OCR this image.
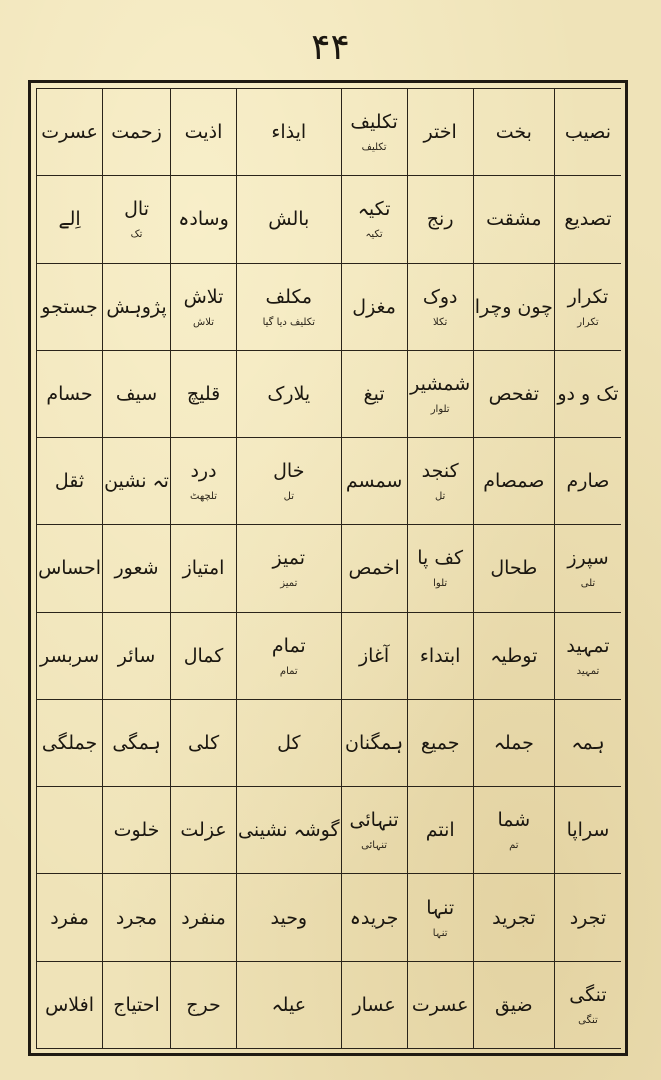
۴۴
نصیب
بخت
اختر
تکلیف
تکلیف
ایذاء
اذیت
زحمت
عسرت
تصدیع
مشقت
رنج
تکیہ
تکیہ
بالش
وسادہ
تال
تک
اِلے
تکرار
تکرار
چون وچرا
دوک
تکلا
مغزل
مکلف
تکلیف دیا گیا
تلاش
تلاش
پژوہش
جستجو
تک و دو
تفحص
شمشیر
تلوار
تیغ
یلارک
قلیچ
سیف
حسام
صارم
صمصام
کنجد
تل
سمسم
خال
تل
درد
تلچھٹ
تہ نشین
ثقل
سپرز
تلی
طحال
کف پا
تلوا
اخمص
تمیز
تمیز
امتیاز
شعور
احساس
تمہید
تمہید
توطیہ
ابتداء
آغاز
تمام
تمام
کمال
سائر
سربسر
ہمہ
جملہ
جمیع
ہمگنان
کل
کلی
ہمگی
جملگی
سراپا
شما
تم
انتم
تنہائی
تنہائی
گوشہ نشینی
عزلت
خلوت
تجرد
تجرید
تنہا
تنہا
جریدہ
وحید
منفرد
مجرد
مفرد
تنگی
تنگی
ضیق
عسرت
عسار
عیلہ
حرج
احتیاج
افلاس
